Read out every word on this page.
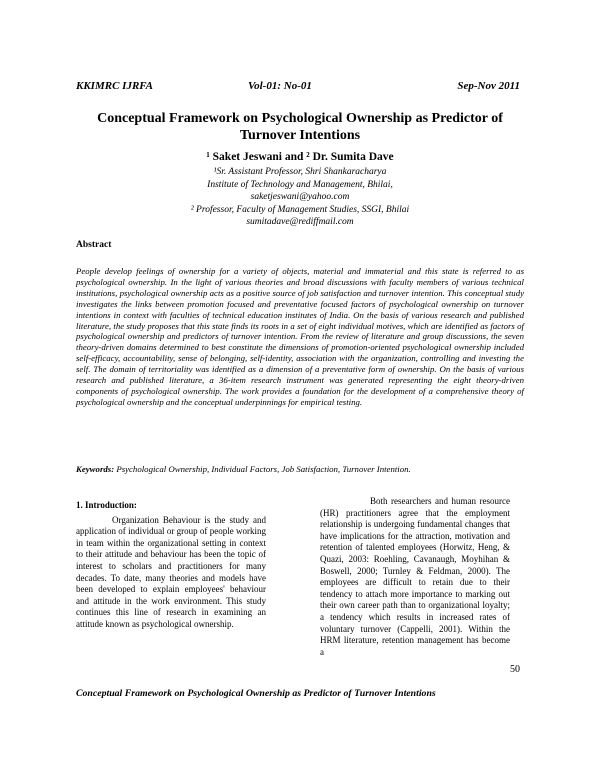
KKIMRC IJRFA	Vol-01: No-01	Sep-Nov 2011
Conceptual Framework on Psychological Ownership as Predictor of Turnover Intentions
¹ Saket Jeswani and ² Dr. Sumita Dave
¹Sr. Assistant Professor, Shri Shankaracharya
Institute of Technology and Management, Bhilai,
saketjeswani@yahoo.com
² Professor, Faculty of Management Studies, SSGI, Bhilai
sumitadave@rediffmail.com
Abstract

People develop feelings of ownership for a variety of objects, material and immaterial and this state is referred to as psychological ownership. In the light of various theories and broad discussions with faculty members of various technical institutions, psychological ownership acts as a positive source of job satisfaction and turnover intention. This conceptual study investigates the links between promotion focused and preventative focused factors of psychological ownership on turnover intentions in context with faculties of technical education institutes of India. On the basis of various research and published literature, the study proposes that this state finds its roots in a set of eight individual motives, which are identified as factors of psychological ownership and predictors of turnover intention. From the review of literature and group discussions, the seven theory-driven domains determined to best constitute the dimensions of promotion-oriented psychological ownership included self-efficacy, accountability, sense of belonging, self-identity, association with the organization, controlling and investing the self. The domain of territoriality was identified as a dimension of a preventative form of ownership. On the basis of various research and published literature, a 36-item research instrument was generated representing the eight theory-driven components of psychological ownership. The work provides a foundation for the development of a comprehensive theory of psychological ownership and the conceptual underpinnings for empirical testing.

Keywords: Psychological Ownership, Individual Factors, Job Satisfaction, Turnover Intention.
1. Introduction:

Organization Behaviour is the study and application of individual or group of people working in team within the organizational setting in context to their attitude and behaviour has been the topic of interest to scholars and practitioners for many decades. To date, many theories and models have been developed to explain employees' behaviour and attitude in the work environment. This study continues this line of research in examining an attitude known as psychological ownership.

Both researchers and human resource (HR) practitioners agree that the employment relationship is undergoing fundamental changes that have implications for the attraction, motivation and retention of talented employees (Horwitz, Heng, & Quazi, 2003: Roehling, Cavanaugh, Moyhihan & Boswell, 2000; Turnley & Feldman, 2000). The employees are difficult to retain due to their tendency to attach more importance to marking out their own career path than to organizational loyalty; a tendency which results in increased rates of voluntary turnover (Cappelli, 2001). Within the HRM literature, retention management has become a

50
Conceptual Framework on Psychological Ownership as Predictor of Turnover Intentions
